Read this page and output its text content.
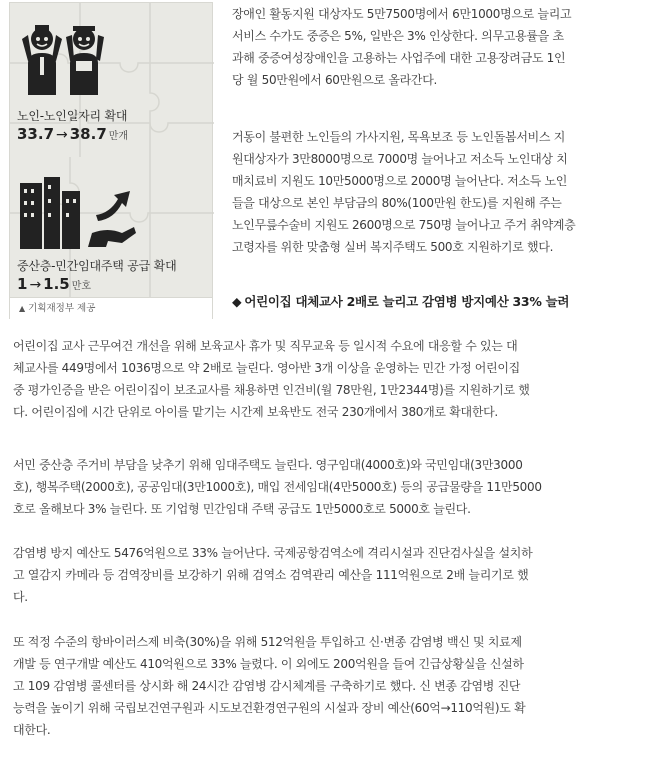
노인-노인일자리 확대
33.7 → 38.7 만개
중산층-민간임대주택 공급 확대
1 → 1.5 만호
▲ 기획재정부 제공
장애인 활동지원 대상자도 5만7500명에서 6만1000명으로 늘리고
서비스 수가도 중증은 5%, 일반은 3% 인상한다. 의무고용률을 초
과해 중증여성장애인을 고용하는 사업주에 대한 고용장려금도 1인
당 월 50만원에서 60만원으로 올라간다.
거동이 불편한 노인들의 가사지원, 목욕보조 등 노인돌봄서비스 지
원대상자가 3만8000명으로 7000명 늘어나고 저소득 노인대상 치
매치료비 지원도 10만5000명으로 2000명 늘어난다. 저소득 노인
들을 대상으로 본인 부담금의 80%(100만원 한도)를 지원해 주는
노인무릎수술비 지원도 2600명으로 750명 늘어나고 주거 취약계층
고령자를 위한 맞춤형 실버 복지주택도 500호 지원하기로 했다.
◆ 어린이집 대체교사 2배로 늘리고 감염병 방지예산 33% 늘려
어린이집 교사 근무여건 개선을 위해 보육교사 휴가 및 직무교육 등 일시적 수요에 대응할 수 있는 대
체교사를 449명에서 1036명으로 약 2배로 늘린다. 영아반 3개 이상을 운영하는 민간 가정 어린이집
중 평가인증을 받은 어린이집이 보조교사를 채용하면 인건비(월 78만원, 1만2344명)를 지원하기로 했
다. 어린이집에 시간 단위로 아이를 맡기는 시간제 보육반도 전국 230개에서 380개로 확대한다.
서민 중산층 주거비 부담을 낮추기 위해 임대주택도 늘린다. 영구임대(4000호)와 국민임대(3만3000
호), 행복주택(2000호), 공공임대(3만1000호), 매입 전세임대(4만5000호) 등의 공급물량을 11만5000
호로 올해보다 3% 늘린다. 또 기업형 민간임대 주택 공급도 1만5000호로 5000호 늘린다.
감염병 방지 예산도 5476억원으로 33% 늘어난다. 국제공항검역소에 격리시설과 진단검사실을 설치하
고 열감지 카메라 등 검역장비를 보강하기 위해 검역소 검역관리 예산을 111억원으로 2배 늘리기로 했
다.
또 적정 수준의 항바이러스제 비축(30%)을 위해 512억원을 투입하고 신·변종 감염병 백신 및 치료제
개발 등 연구개발 예산도 410억원으로 33% 늘렸다. 이 외에도 200억원을 들여 긴급상황실을 신설하
고 109 감염병 콜센터를 상시화 해 24시간 감염병 감시체계를 구축하기로 했다. 신 변종 감염병 진단
능력을 높이기 위해 국립보건연구원과 시도보건환경연구원의 시설과 장비 예산(60억→110억원)도 확
대한다.
